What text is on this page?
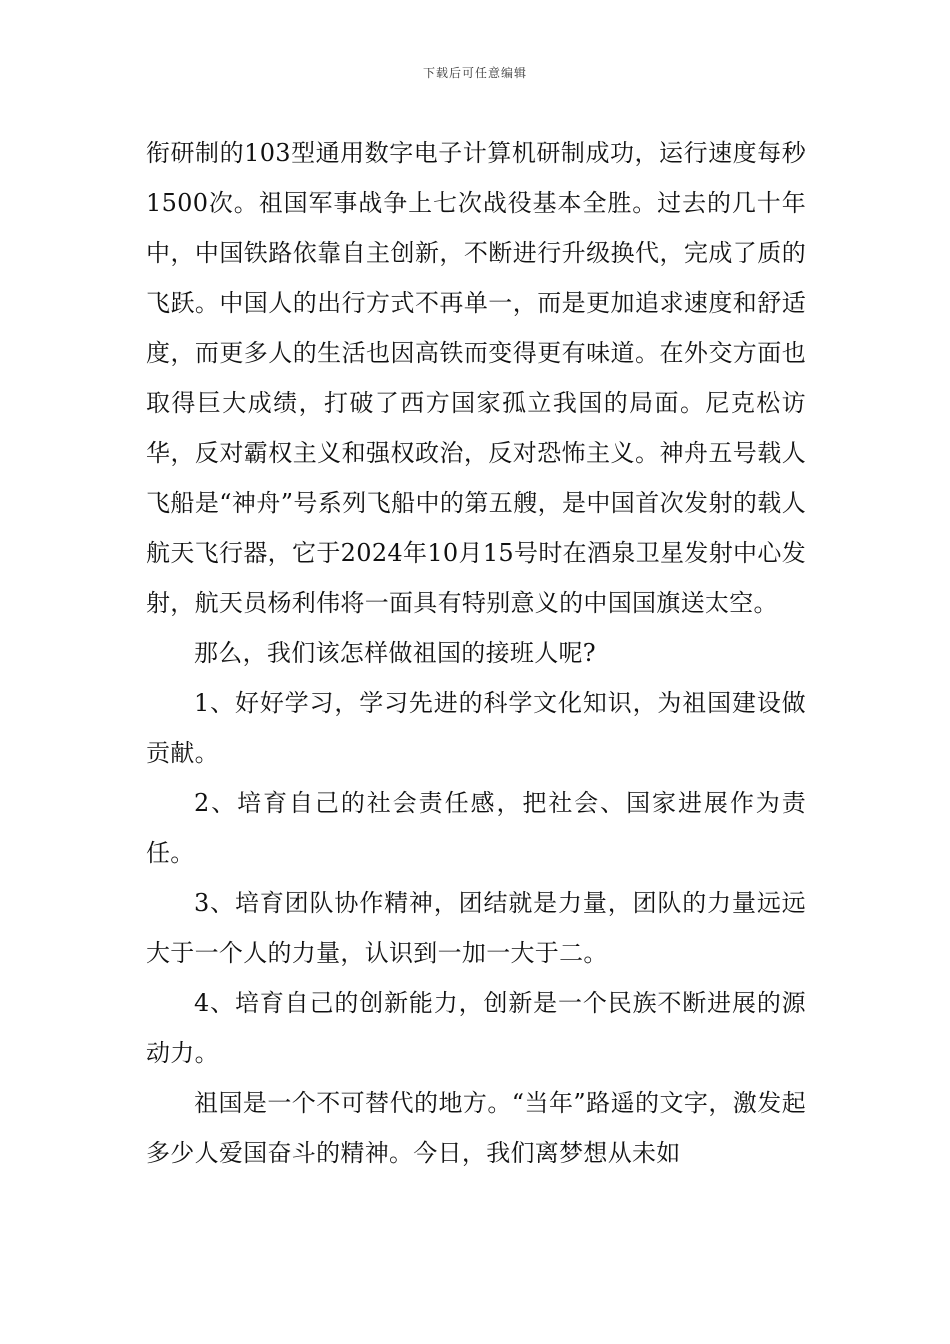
下载后可任意编辑

衔研制的103型通用数字电子计算机研制成功，运行速度每秒1500次。祖国军事战争上七次战役基本全胜。过去的几十年中，中国铁路依靠自主创新，不断进行升级换代，完成了质的飞跃。中国人的出行方式不再单一，而是更加追求速度和舒适度，而更多人的生活也因高铁而变得更有味道。在外交方面也取得巨大成绩，打破了西方国家孤立我国的局面。尼克松访华，反对霸权主义和强权政治，反对恐怖主义。神舟五号载人飞船是“神舟”号系列飞船中的第五艘，是中国首次发射的载人航天飞行器，它于2024年10月15号时在酒泉卫星发射中心发射，航天员杨利伟将一面具有特别意义的中国国旗送太空。

那么，我们该怎样做祖国的接班人呢?

1、好好学习，学习先进的科学文化知识，为祖国建设做贡献。

2、培育自己的社会责任感，把社会、国家进展作为责任。

3、培育团队协作精神，团结就是力量，团队的力量远远大于一个人的力量，认识到一加一大于二。

4、培育自己的创新能力，创新是一个民族不断进展的源动力。

祖国是一个不可替代的地方。“当年”路遥的文字，激发起多少人爱国奋斗的精神。今日，我们离梦想从未如
